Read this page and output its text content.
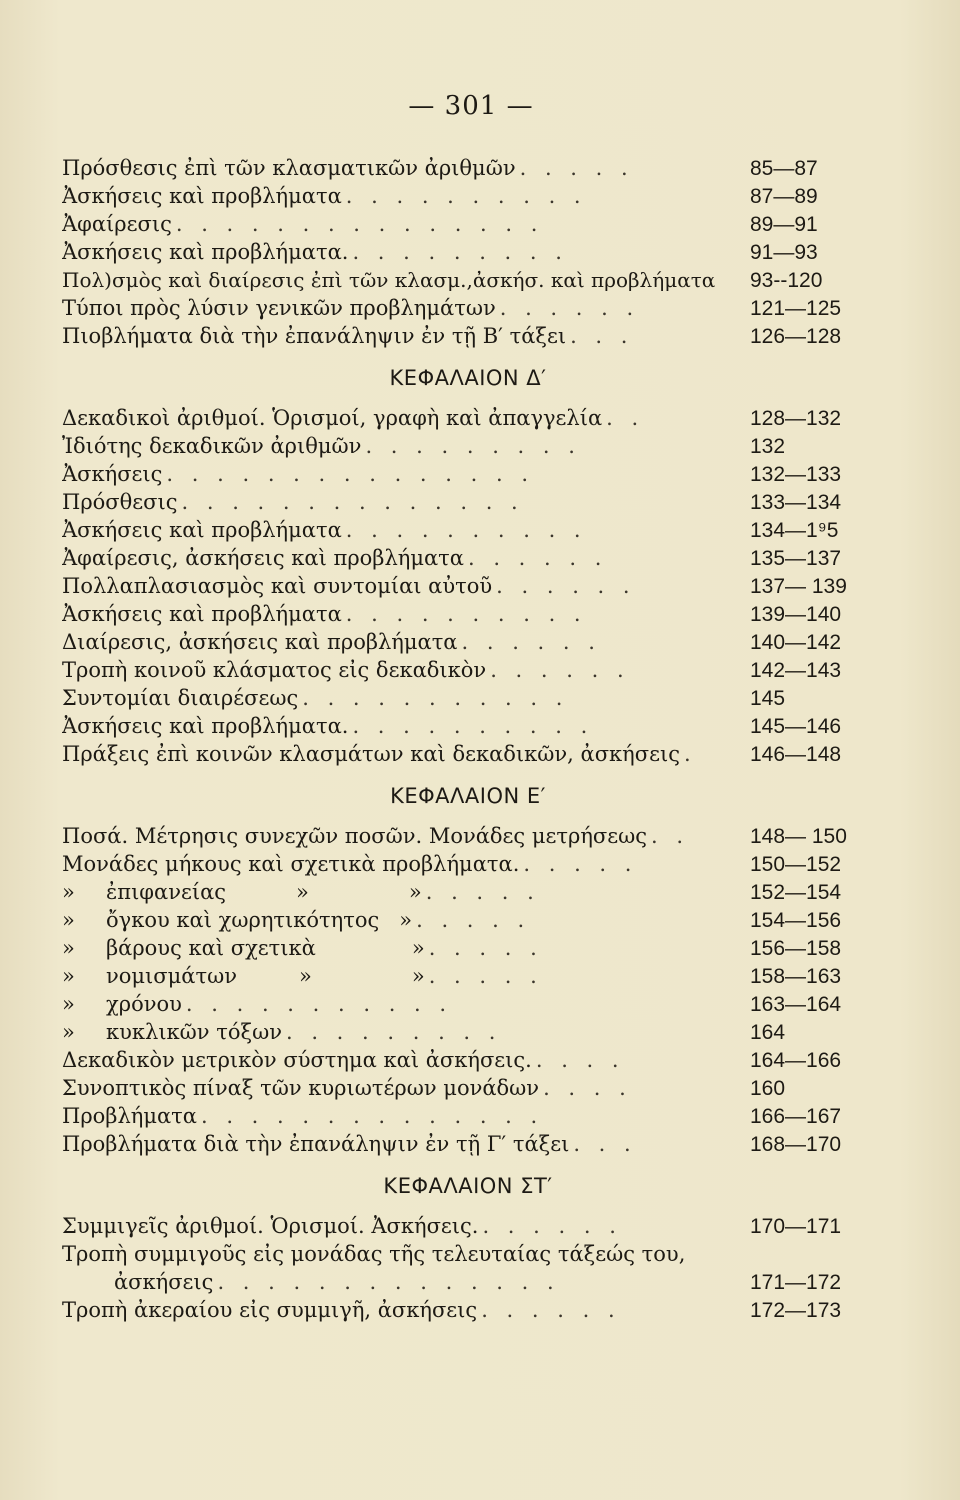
— 301 —
Πρόσθεσις ἐπὶ τῶν κλασματικῶν ἀριθμῶν . . . . .	85—87
Ἀσκήσεις καὶ προβλήματα . . . . . . . . . .	87—89
Ἀφαίρεσις . . . . . . . . . . . . . . .	89—91
Ἀσκήσεις καὶ προβλήματα. . . . . . . . . .	91—93
Πολ)σμὸς καὶ διαίρεσις ἐπὶ τῶν κλασμ.,ἀσκήσ. καὶ προβλήματα 93--120
Τύποι πρὸς λύσιν γενικῶν προβλημάτων . . . . . .	121—125
Πιοβλήματα διὰ τὴν ἐπανάληψιν ἐν τῇ Β′ τάξει . . .	126—128
ΚΕΦΑΛΑΙΟΝ Δ′
Δεκαδικοὶ ἀριθμοί. Ὁρισμοί, γραφὴ καὶ ἀπαγγελία . .	128—132
Ἰδιότης δεκαδικῶν ἀριθμῶν . . . . . . . . .	132
Ἀσκήσεις . . . . . . . . . . . . . . .	132—133
Πρόσθεσις . . . . . . . . . . . . . .	133—134
Ἀσκήσεις καὶ προβλήματα . . . . . . . . . .	134—1⁹5
Ἀφαίρεσις, ἀσκήσεις καὶ προβλήματα . . . . . .	135—137
Πολλαπλασιασμὸς καὶ συντομίαι αὐτοῦ . . . . . .	137— 139
Ἀσκήσεις καὶ προβλήματα . . . . . . . . . .	139—140
Διαίρεσις, ἀσκήσεις καὶ προβλήματα . . . . . .	140—142
Τροπὴ κοινοῦ κλάσματος εἰς δεκαδικὸν . . . . . .	142—143
Συντομίαι διαιρέσεως . . . . . . . . . . .	145
Ἀσκήσεις καὶ προβλήματα. . . . . . . . . . .	145—146
Πράξεις ἐπὶ κοινῶν κλασμάτων καὶ δεκαδικῶν, ἀσκήσεις .	146—148
ΚΕΦΑΛΑΙΟΝ Ε′
Ποσά. Μέτρησις συνεχῶν ποσῶν. Μονάδες μετρήσεως . .	148— 150
Μονάδες μήκους καὶ σχετικὰ προβλήματα. . . . . .	150—152
» ἐπιφανείας	»	» . . . . .	152—154
» ὄγκου καὶ χωρητικότητος » . . . . .	154—156
» βάρους καὶ σχετικὰ	» . . . . .	156—158
» νομισμάτων	»	» . . . . .	158—163
» χρόνου . . . . . . . . . . .	163—164
» κυκλικῶν τόξων . . . . . . . . .	164
Δεκαδικὸν μετρικὸν σύστημα καὶ ἀσκήσεις. . . . .	164—166
Συνοπτικὸς πίναξ τῶν κυριωτέρων μονάδων . . . .	160
Προβλήματα . . . . . . . . . . . . . .	166—167
Προβλήματα διὰ τὴν ἐπανάληψιν ἐν τῇ Γ′ τάξει . . .	168—170
ΚΕΦΑΛΑΙΟΝ ΣΤ′
Συμμιγεῖς ἀριθμοί. Ὁρισμοί. Ἀσκήσεις. . . . . . .	170—171
Τροπὴ συμμιγοῦς εἰς μονάδας τῆς τελευταίας τάξεώς του,
ἀσκήσεις . . . . . . . . . . . . . .	171—172
Τροπὴ ἀκεραίου εἰς συμμιγῆ, ἀσκήσεις . . . . . .	172—173
